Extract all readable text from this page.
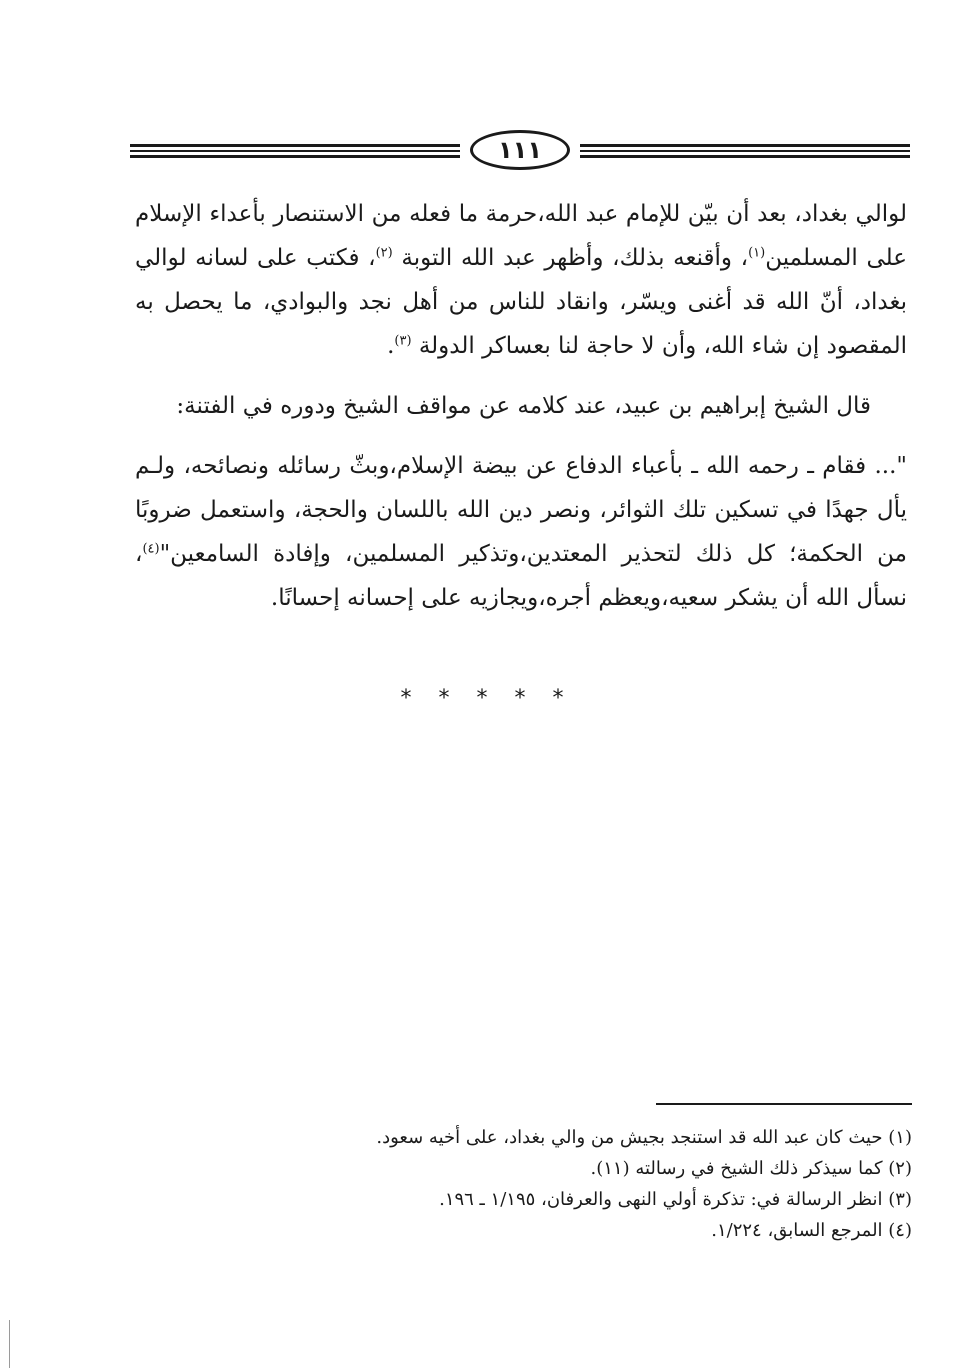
١١١

لوالي بغداد، بعد أن بيّن للإمام عبد الله،حرمة ما فعله من الاستنصار بأعداء الإسلام على المسلمين$^{(١)}$، وأقنعه بذلك، وأظهر عبد الله التوبة $^{(٢)}$، فكتب على لسانه لوالي بغداد، أنّ الله قد أغنى ويسّر، وانقاد للناس من أهل نجد والبوادي، ما يحصل به المقصود إن شاء الله، وأن لا حاجة لنا بعساكر الدولة $^{(٣)}$.

قال الشيخ إبراهيم بن عبيد، عند كلامه عن مواقف الشيخ ودوره في الفتنة:

"... فقام ـ رحمه الله ـ بأعباء الدفاع عن بيضة الإسلام،وبثّ رسائله ونصائحه، ولـم يأل جهدًا في تسكين تلك الثوائر، ونصر دين الله باللسان والحجة، واستعمل ضروبًا من الحكمة؛ كل ذلك لتحذير المعتدين،وتذكير المسلمين، وإفادة السامعين"$^{(٤)}$، نسأل الله أن يشكر سعيه،ويعظم أجره،ويجازيه على إحسانه إحسانًا.

* * * * *
(١) حيث كان عبد الله قد استنجد بجيش من والي بغداد، على أخيه سعود.
(٢) كما سيذكر ذلك الشيخ في رسالته (١١).
(٣) انظر الرسالة في: تذكرة أولي النهى والعرفان، ١/١٩٥ ـ ١٩٦.
(٤) المرجع السابق، ١/٢٢٤.
